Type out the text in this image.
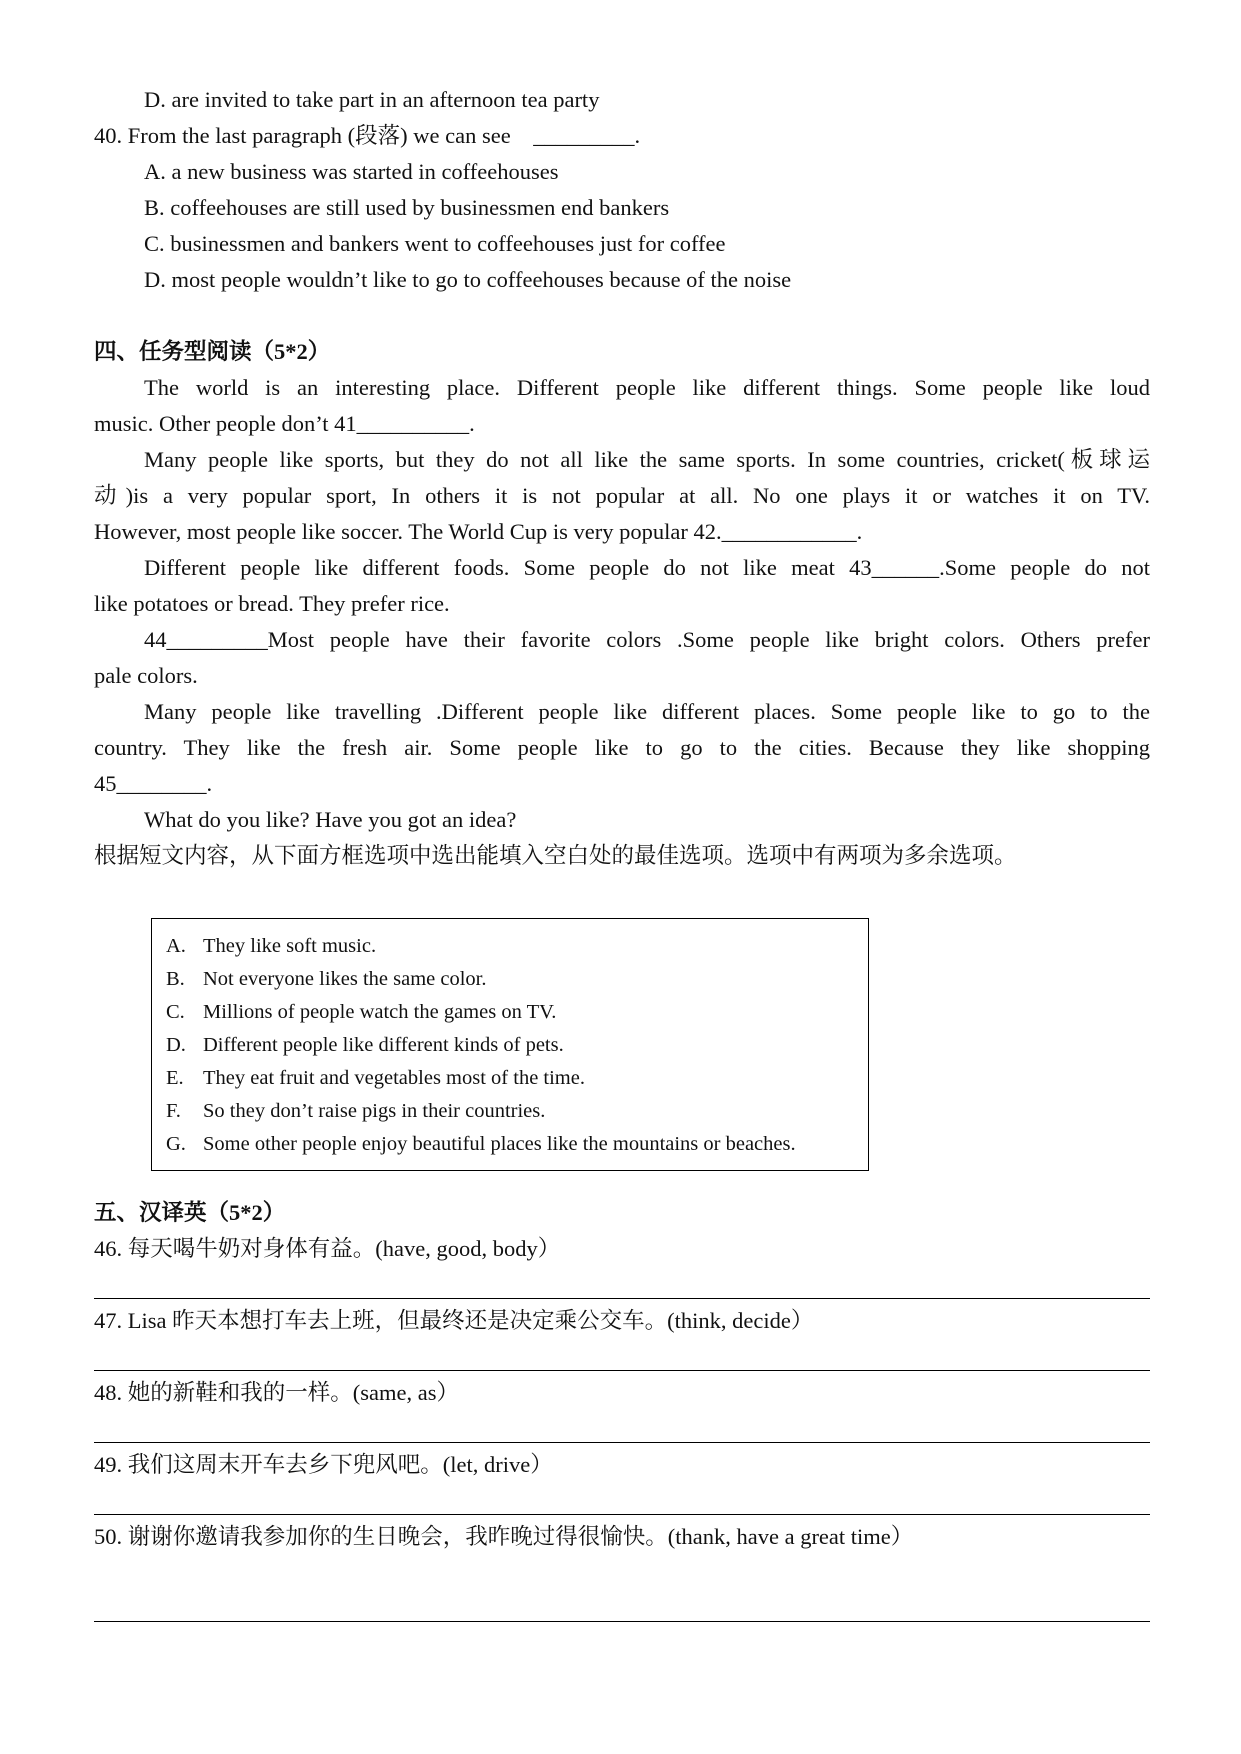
D. are invited to take part in an afternoon tea party
40. From the last paragraph (段落) we can see　_________.
A. a new business was started in coffeehouses
B. coffeehouses are still used by businessmen end bankers
C. businessmen and bankers went to coffeehouses just for coffee
D. most people wouldn’t like to go to coffeehouses because of the noise
四、任务型阅读（5*2）
The world is an interesting place. Different people like different things. Some people like loud
music. Other people don’t 41__________.
Many people like sports, but they do not all like the same sports. In some countries, cricket(板球运
动)is a very popular sport, In others it is not popular at all. No one plays it or watches it on TV.
However, most people like soccer. The World Cup is very popular 42.____________.
Different people like different foods. Some people do not like meat 43______.Some people do not
like potatoes or bread. They prefer rice.
44_________Most people have their favorite colors .Some people like bright colors. Others prefer
pale colors.
Many people like travelling .Different people like different places. Some people like to go to the
country. They like the fresh air. Some people like to go to the cities. Because they like shopping
45________.
What do you like? Have you got an idea?
根据短文内容，从下面方框选项中选出能填入空白处的最佳选项。选项中有两项为多余选项。
A. They like soft music.
B. Not everyone likes the same color.
C. Millions of people watch the games on TV.
D. Different people like different kinds of pets.
E. They eat fruit and vegetables most of the time.
F. So they don’t raise pigs in their countries.
G. Some other people enjoy beautiful places like the mountains or beaches.
五、汉译英（5*2）
46. 每天喝牛奶对身体有益。(have, good, body）
47. Lisa 昨天本想打车去上班，但最终还是决定乘公交车。(think, decide）
48. 她的新鞋和我的一样。(same, as）
49. 我们这周末开车去乡下兜风吧。(let, drive）
50. 谢谢你邀请我参加你的生日晚会，我昨晚过得很愉快。(thank, have a great time）
